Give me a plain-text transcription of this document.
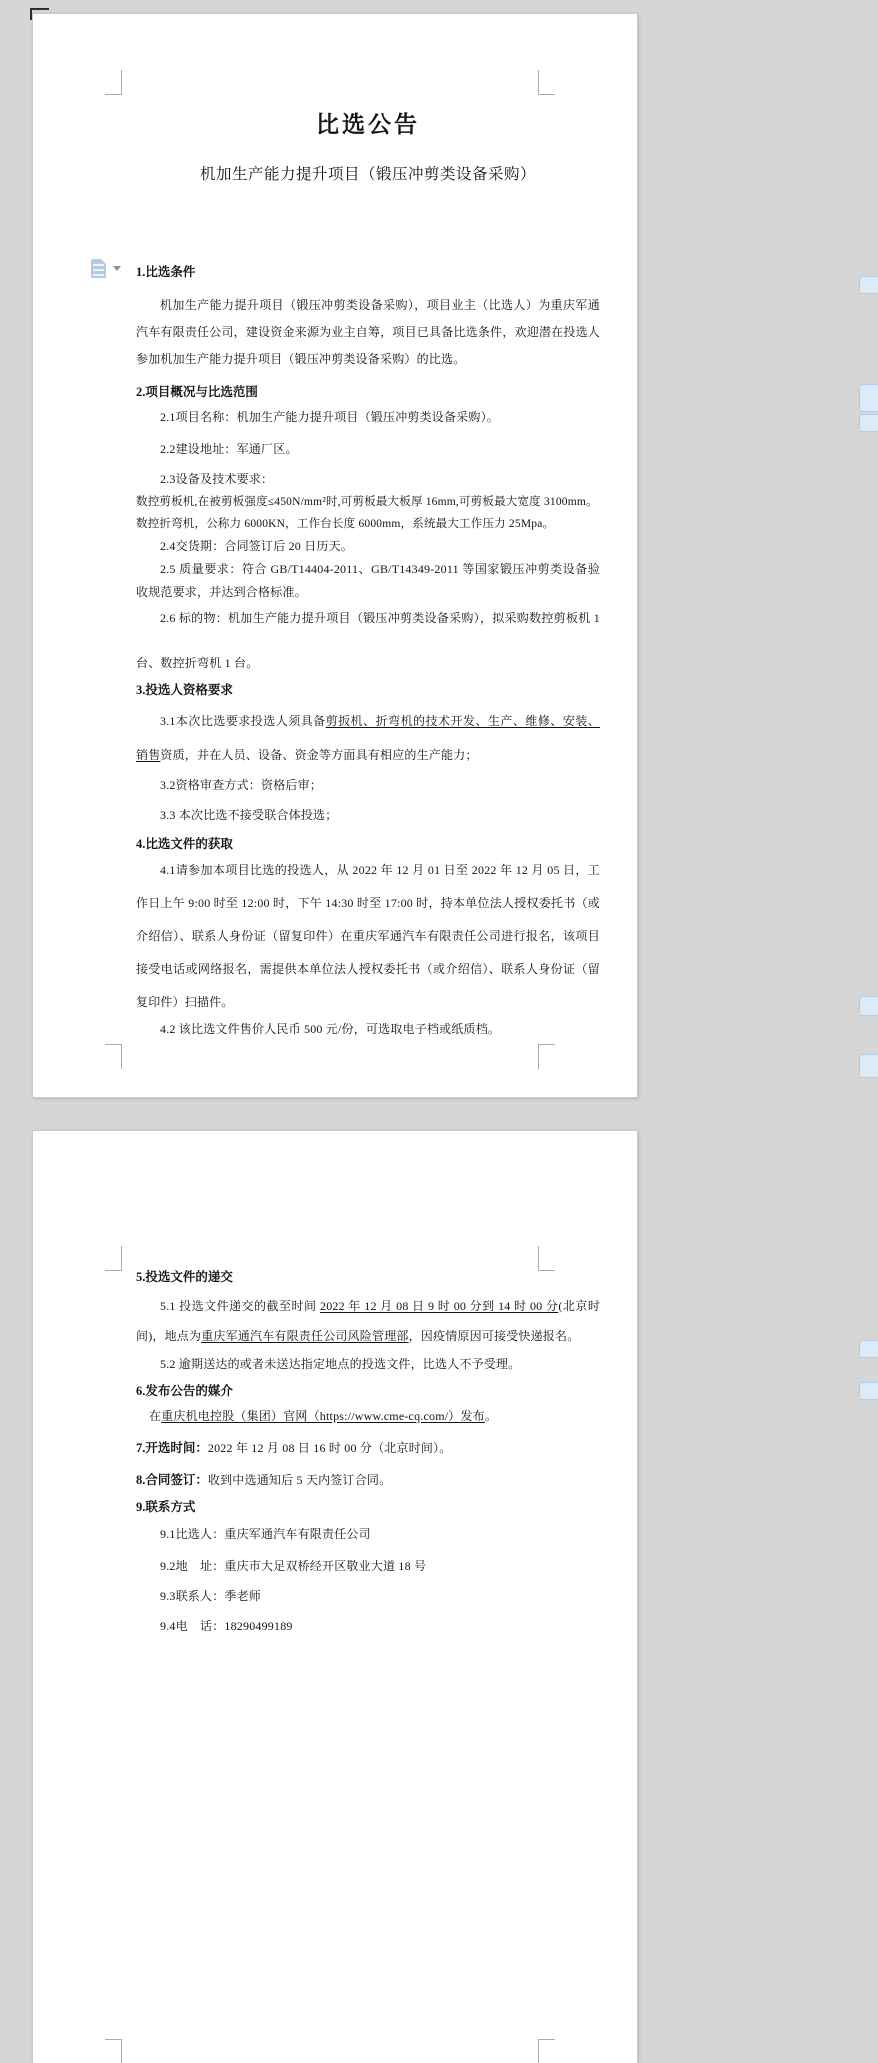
比选公告
机加生产能力提升项目（锻压冲剪类设备采购）
1.比选条件
机加生产能力提升项目（锻压冲剪类设备采购），项目业主（比选人）为重庆军通汽车有限责任公司，建设资金来源为业主自筹，项目已具备比选条件，欢迎潜在投选人参加机加生产能力提升项目（锻压冲剪类设备采购）的比选。
2.项目概况与比选范围
2.1项目名称：机加生产能力提升项目（锻压冲剪类设备采购）。
2.2建设地址：军通厂区。
2.3设备及技术要求：
数控剪板机,在被剪板强度≤450N/mm²时,可剪板最大板厚 16mm,可剪板最大宽度 3100mm。
数控折弯机，公称力 6000KN，工作台长度 6000mm，系统最大工作压力 25Mpa。
2.4交货期：合同签订后 20 日历天。
2.5 质量要求：符合 GB/T14404-2011、GB/T14349-2011 等国家锻压冲剪类设备验收规范要求，并达到合格标准。
2.6 标的物：机加生产能力提升项目（锻压冲剪类设备采购），拟采购数控剪板机 1 台、数控折弯机 1 台。
3.投选人资格要求
3.1本次比选要求投选人须具备剪扳机、折弯机的技术开发、生产、维修、安装、销售资质，并在人员、设备、资金等方面具有相应的生产能力；
3.2资格审查方式：资格后审；
3.3 本次比选不接受联合体投选；
4.比选文件的获取
4.1请参加本项目比选的投选人，从 2022 年 12 月 01 日至 2022 年 12 月 05 日，工作日上午 9:00 时至 12:00 时，下午 14:30 时至 17:00 时，持本单位法人授权委托书（或介绍信）、联系人身份证（留复印件）在重庆军通汽车有限责任公司进行报名，该项目接受电话或网络报名，需提供本单位法人授权委托书（或介绍信）、联系人身份证（留复印件）扫描件。
4.2 该比选文件售价人民币 500 元/份，可选取电子档或纸质档。
5.投选文件的递交
5.1 投选文件递交的截至时间 2022 年 12 月 08 日 9 时 00 分到 14 时 00 分(北京时间)，地点为重庆军通汽车有限责任公司风险管理部，因疫情原因可接受快递报名。
5.2 逾期送达的或者未送达指定地点的投选文件，比选人不予受理。
6.发布公告的媒介
在重庆机电控股（集团）官网（https://www.cme-cq.com/）发布。
7.开选时间：2022 年 12 月 08 日 16 时 00 分（北京时间）。
8.合同签订：收到中选通知后 5 天内签订合同。
9.联系方式
9.1比选人：重庆军通汽车有限责任公司
9.2地　址：重庆市大足双桥经开区敬业大道 18 号
9.3联系人：季老师
9.4电　话：18290499189
